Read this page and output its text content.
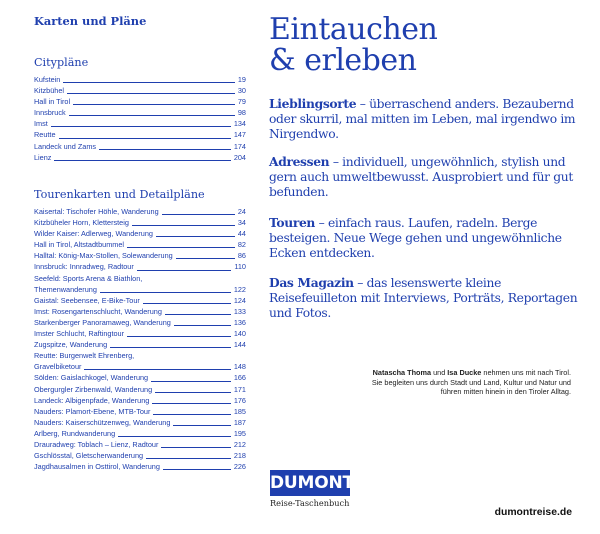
Karten und Pläne
Citypläne
Kufstein	19
Kitzbühel	30
Hall in Tirol	79
Innsbruck	98
Imst	134
Reutte	147
Landeck und Zams	174
Lienz	204
Tourenkarten und Detailpläne
Kaisertal: Tischofer Höhle, Wanderung	24
Kitzbüheler Horn, Klettersteig	34
Wilder Kaiser: Adlerweg, Wanderung	44
Hall in Tirol, Altstadtbummel	82
Halltal: König-Max-Stollen, Solewanderung	86
Innsbruck: Innradweg, Radtour	110
Seefeld: Sports Arena & Biathlon,
Themenwanderung	122
Gaistal: Seebensee, E-Bike-Tour	124
Imst: Rosengartenschlucht, Wanderung	133
Starkenberger Panoramaweg, Wanderung	136
Imster Schlucht, Raftingtour	140
Zugspitze, Wanderung	144
Reutte: Burgenwelt Ehrenberg,
Gravelbiketour	148
Sölden: Gaislachkogel, Wanderung	166
Obergurgler Zirbenwald, Wanderung	171
Landeck: Albigenpfade, Wanderung	176
Nauders: Plamort-Ebene, MTB-Tour	185
Nauders: Kaiserschützenweg, Wanderung	187
Arlberg, Rundwanderung	195
Drauradweg: Toblach – Lienz, Radtour	212
Gschlösstal, Gletscherwanderung	218
Jagdhausalmen in Osttirol, Wanderung	226
Eintauchen
& erleben

Lieblingsorte – überraschend anders. Bezaubernd oder skurril, mal mitten im Leben, mal irgendwo im Nirgendwo.

Adressen – individuell, ungewöhnlich, stylish und gern auch umweltbewusst. Ausprobiert und für gut befunden.

Touren – einfach raus. Laufen, radeln. Berge besteigen. Neue Wege gehen und ungewöhnliche Ecken entdecken.

Das Magazin – das lesenswerte kleine Reisefeuilleton mit Interviews, Porträts, Reportagen und Fotos.

Natascha Thoma und Isa Ducke nehmen uns mit nach Tirol. Sie begleiten uns durch Stadt und Land, Kultur und Natur und führen mitten hinein in den Tiroler Alltag.
DUMONT
Reise-Taschenbuch
dumontreise.de
